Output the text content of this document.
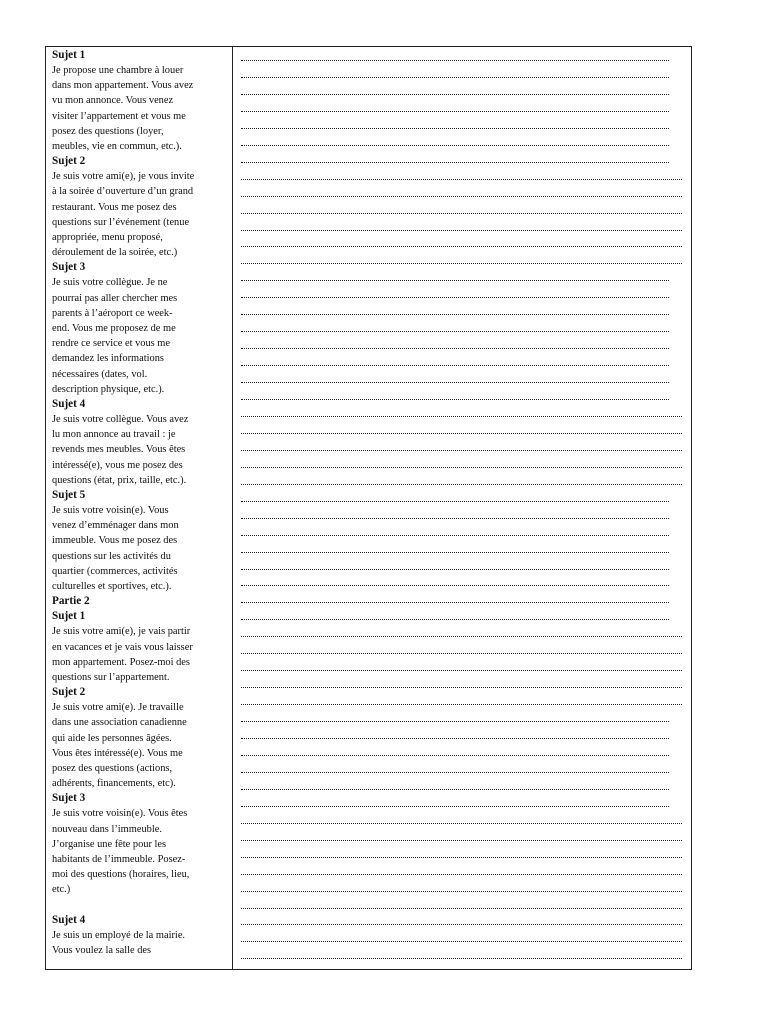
Sujet 1
Je propose une chambre à louer
dans mon appartement. Vous avez
vu mon annonce. Vous venez
visiter l’appartement et vous me
posez des questions (loyer,
meubles, vie en commun, etc.).
Sujet 2
Je suis votre ami(e), je vous invite
à la soirée d’ouverture d’un grand
restaurant. Vous me posez des
questions sur l’événement (tenue
appropriée, menu proposé,
déroulement de la soirée, etc.)
Sujet 3
Je suis votre collègue. Je ne
pourrai pas aller chercher mes
parents à l’aéroport ce week-
end. Vous me proposez de me
rendre ce service et vous me
demandez les informations
nécessaires (dates, vol.
description physique, etc.).
Sujet 4
Je suis votre collègue. Vous avez
lu mon annonce au travail : je
revends mes meubles. Vous êtes
intéressé(e), vous me posez des
questions (état, prix, taille, etc.).
Sujet 5
Je suis votre voisin(e). Vous
venez d’emménager dans mon
immeuble. Vous me posez des
questions sur les activités du
quartier (commerces, activités
culturelles et sportives, etc.).
Partie 2
Sujet 1
Je suis votre ami(e), je vais partir
en vacances et je vais vous laisser
mon appartement. Posez-moi des
questions sur l’appartement.
Sujet 2
Je suis votre ami(e). Je travaille
dans une association canadienne
qui aide les personnes âgées.
Vous êtes intéressé(e). Vous me
posez des questions (actions,
adhérents, financements, etc).
Sujet 3
Je suis votre voisin(e). Vous êtes
nouveau dans l’immeuble.
J’organise une fête pour les
habitants de l’immeuble. Posez-
moi des questions (horaires, lieu,
etc.)
Sujet 4
Je suis un employé de la mairie.
Vous voulez la salle des
